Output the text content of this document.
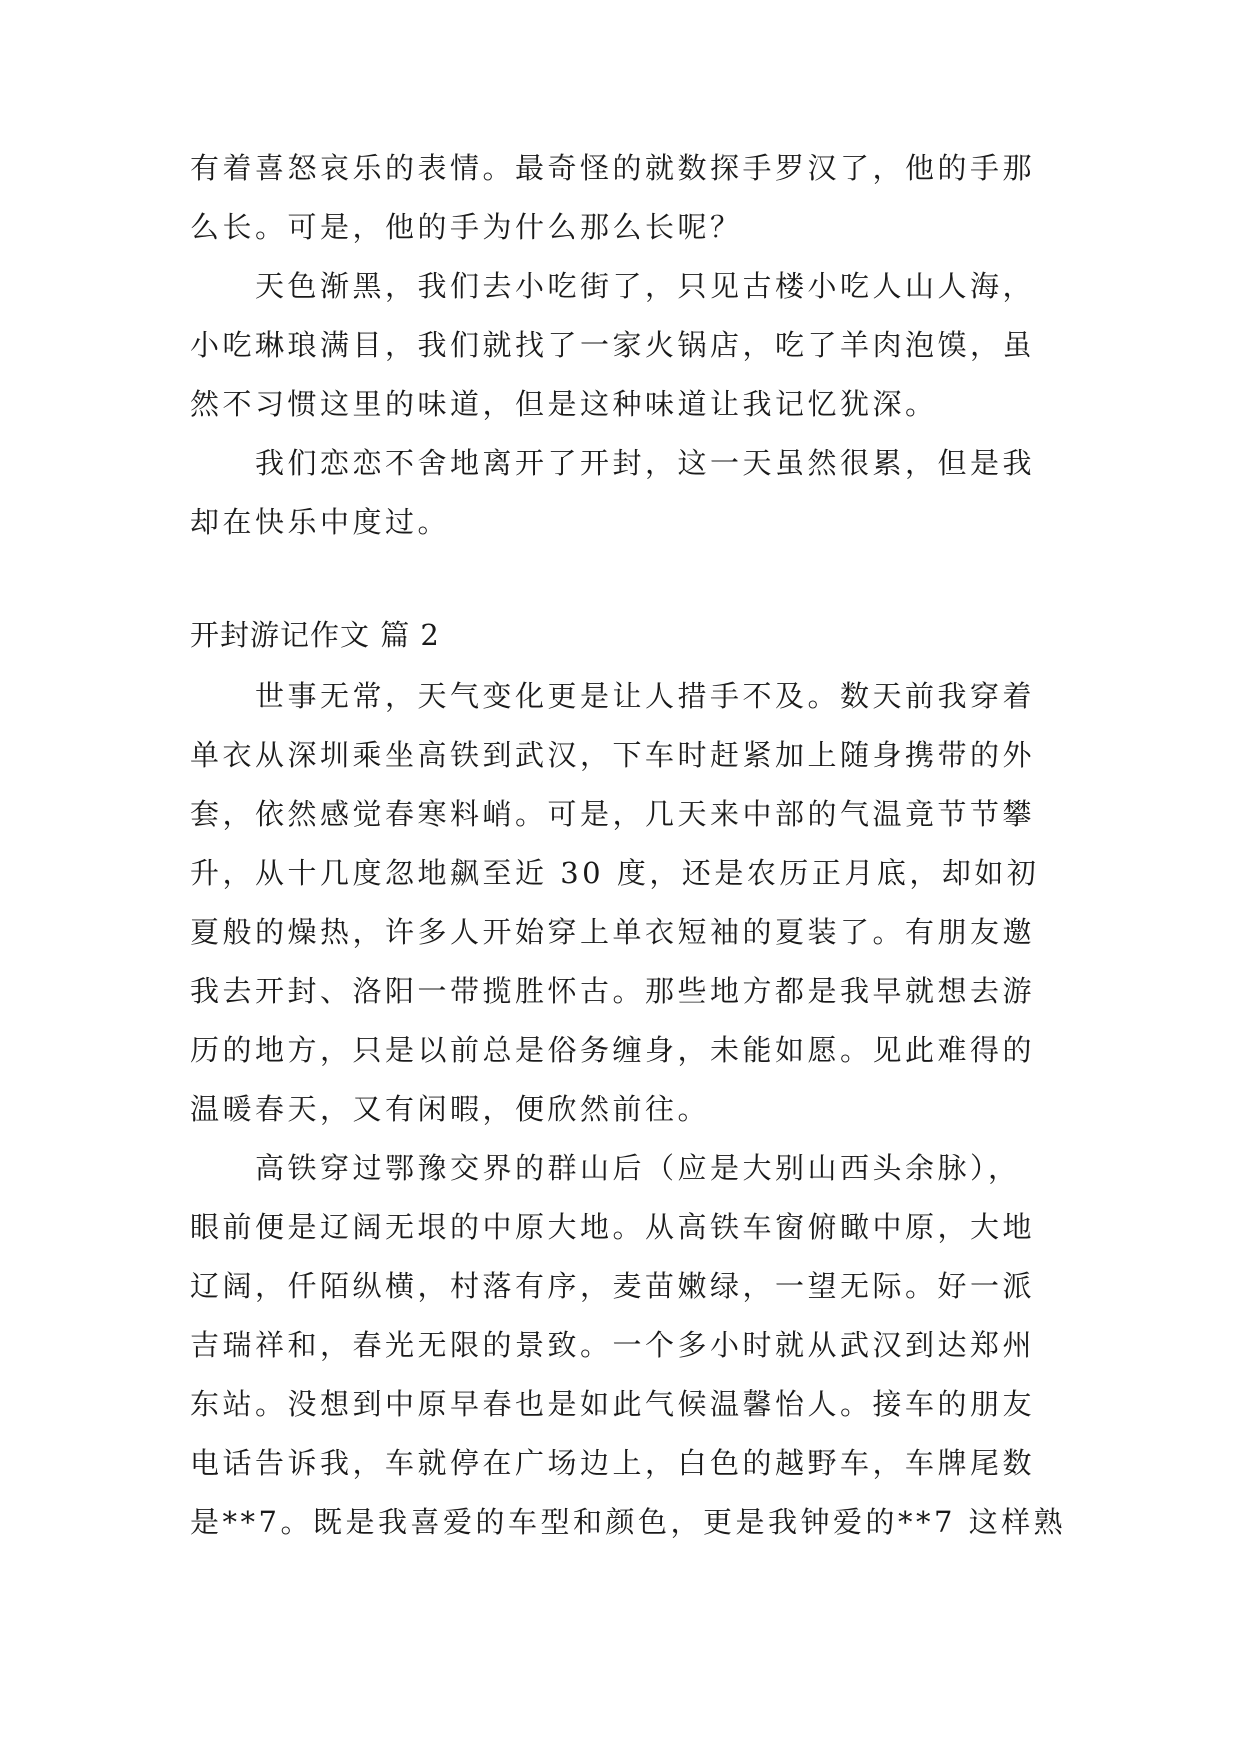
有着喜怒哀乐的表情。最奇怪的就数探手罗汉了，他的手那
么长。可是，他的手为什么那么长呢？
天色渐黑，我们去小吃街了，只见古楼小吃人山人海，
小吃琳琅满目，我们就找了一家火锅店，吃了羊肉泡馍，虽
然不习惯这里的味道，但是这种味道让我记忆犹深。
我们恋恋不舍地离开了开封，这一天虽然很累，但是我
却在快乐中度过。
开封游记作文 篇 2
世事无常，天气变化更是让人措手不及。数天前我穿着
单衣从深圳乘坐高铁到武汉，下车时赶紧加上随身携带的外
套，依然感觉春寒料峭。可是，几天来中部的气温竟节节攀
升，从十几度忽地飙至近 30 度，还是农历正月底，却如初
夏般的燥热，许多人开始穿上单衣短袖的夏装了。有朋友邀
我去开封、洛阳一带揽胜怀古。那些地方都是我早就想去游
历的地方，只是以前总是俗务缠身，未能如愿。见此难得的
温暖春天，又有闲暇，便欣然前往。
高铁穿过鄂豫交界的群山后（应是大别山西头余脉），
眼前便是辽阔无垠的中原大地。从高铁车窗俯瞰中原，大地
辽阔，仟陌纵横，村落有序，麦苗嫩绿，一望无际。好一派
吉瑞祥和，春光无限的景致。一个多小时就从武汉到达郑州
东站。没想到中原早春也是如此气候温馨怡人。接车的朋友
电话告诉我，车就停在广场边上，白色的越野车，车牌尾数
是**7。既是我喜爱的车型和颜色，更是我钟爱的**7 这样熟
